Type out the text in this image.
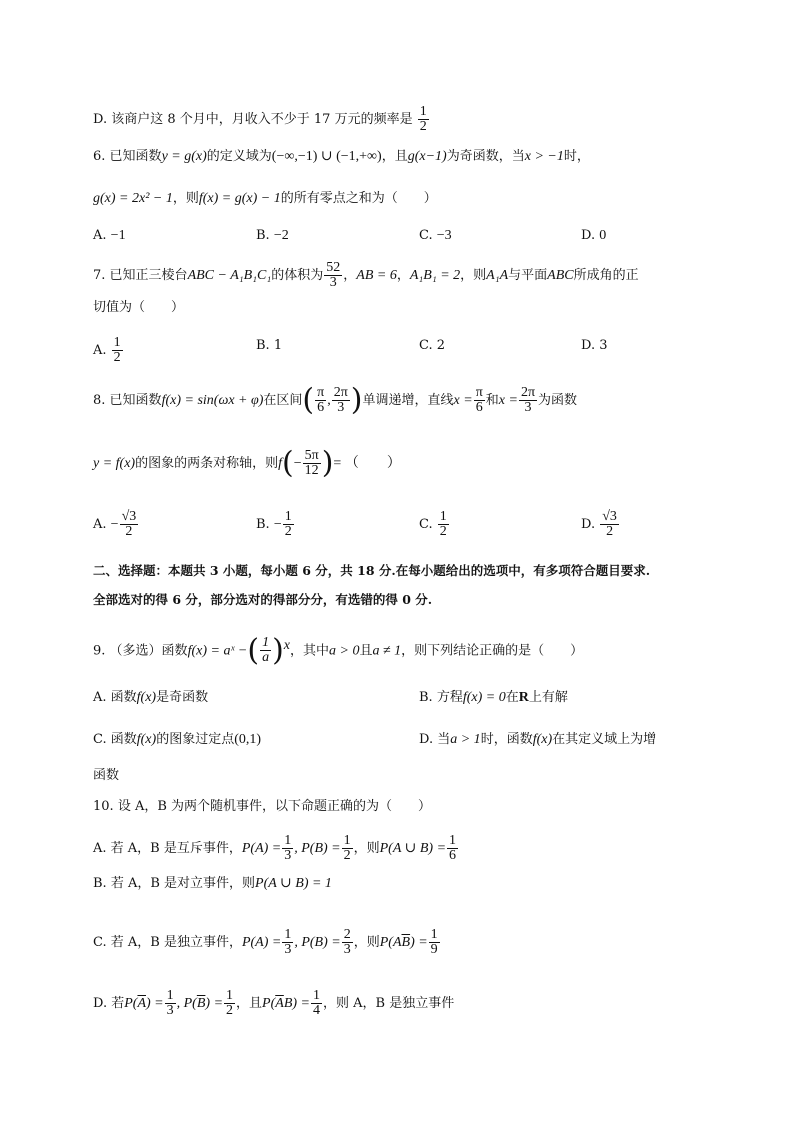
D. 该商户这 8 个月中，月收入不少于 17 万元的频率是 $\frac{1}{2}$
6. 已知函数y = g(x)的定义域为(−∞,−1) ∪ (−1,+∞)，且g(x−1)为奇函数，当x > −1时，
g(x) = 2x² − 1，则f(x) = g(x) − 1的所有零点之和为（　　）
A. −1	B. −2	C. −3	D. 0
7. 已知正三棱台ABC − A₁B₁C₁的体积为 $\frac{52}{3}$ ，AB = 6，A₁B₁ = 2，则A₁A与平面ABC所成角的正
切值为（　　）
A. $\frac{1}{2}$	B. 1	C. 2	D. 3
8. 已知函数f(x) = sin(ωx + φ)在区间( $\frac{\pi}{6}$ , $\frac{2\pi}{3}$ )单调递增，直线$x = \frac{\pi}{6}$ 和$x = \frac{2\pi}{3}$ 为函数
y = f(x)的图象的两条对称轴，则$f(- \frac{5\pi}{12}$ )= （　　）
A. − $\frac{√3}{2}$	B. − $\frac{1}{2}$	C. $\frac{1}{2}$	D. $\frac{√3}{2}$
二、选择题：本题共 3 小题，每小题 6 分，共 18 分.在每小题给出的选项中，有多项符合题目要求.
全部选对的得 6 分，部分选对的得部分分，有选错的得 0 分.
9. （多选）函数f(x) = aˣ −( $\frac{1}{a} )^x$，其中a > 0且a ≠ 1，则下列结论正确的是（　　）
A. 函数f(x)是奇函数	B. 方程f(x) = 0在R上有解
C. 函数f(x)的图象过定点(0,1)	D. 当a > 1时，函数f(x)在其定义域上为增
函数
10. 设 A，B 为两个随机事件，以下命题正确的为（　　）
A. 若 A，B 是互斥事件，$P(A) = \frac{1}{3}$ , $P(B) = \frac{1}{2}$ ，则P(A ∪ $B) = \frac{1}{6}$
B. 若 A，B 是对立事件，则P(A ∪ B) = 1
C. 若 A，B 是独立事件，$P(A) = \frac{1}{3}$ , $P(B) = \frac{2}{3}$ ，则$P(A\overline{B}) = \frac{1}{9}$
D. 若$P(\overline{A}) = \frac{1}{3}$ , $P(\overline{B}) = \frac{1}{2}$ ，且$P(\overline{A}B) = \frac{1}{4}$ ，则 A，B 是独立事件
